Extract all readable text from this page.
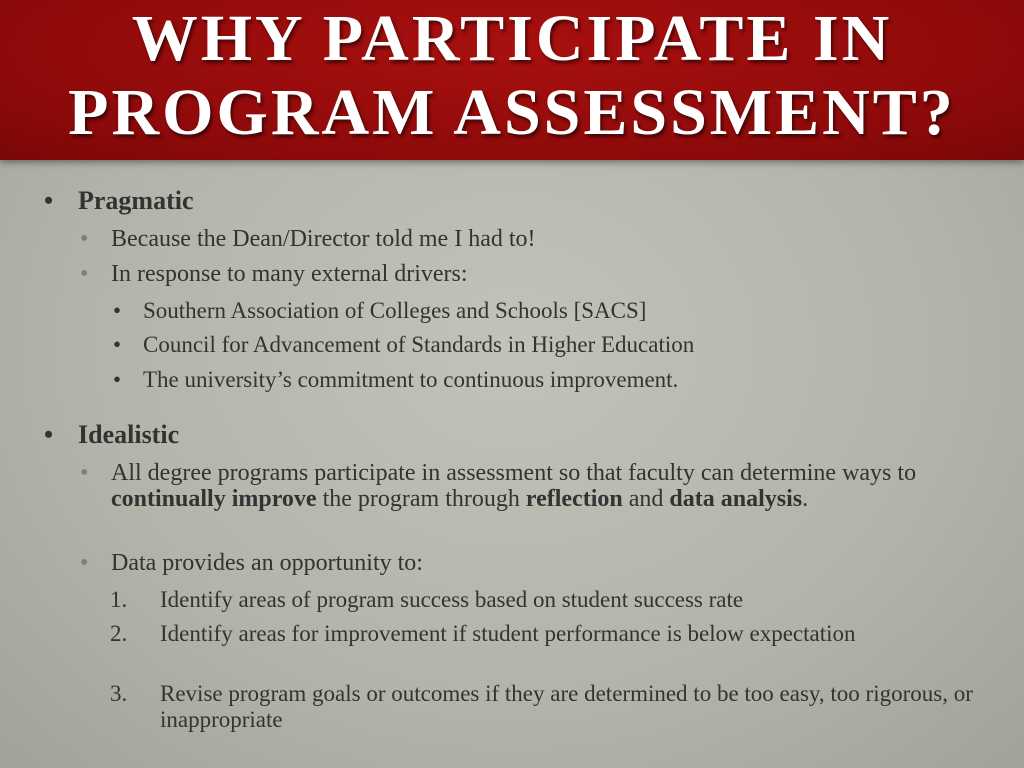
WHY PARTICIPATE IN
PROGRAM ASSESSMENT?
• Pragmatic
• Because the Dean/Director told me I had to!
• In response to many external drivers:
• Southern Association of Colleges and Schools [SACS]
• Council for Advancement of Standards in Higher Education
• The university’s commitment to continuous improvement.
• Idealistic
• All degree programs participate in assessment so that faculty can determine ways to continually improve the program through reflection and data analysis.
• Data provides an opportunity to:
1. Identify areas of program success based on student success rate
2. Identify areas for improvement if student performance is below expectation
3. Revise program goals or outcomes if they are determined to be too easy, too rigorous, or inappropriate
